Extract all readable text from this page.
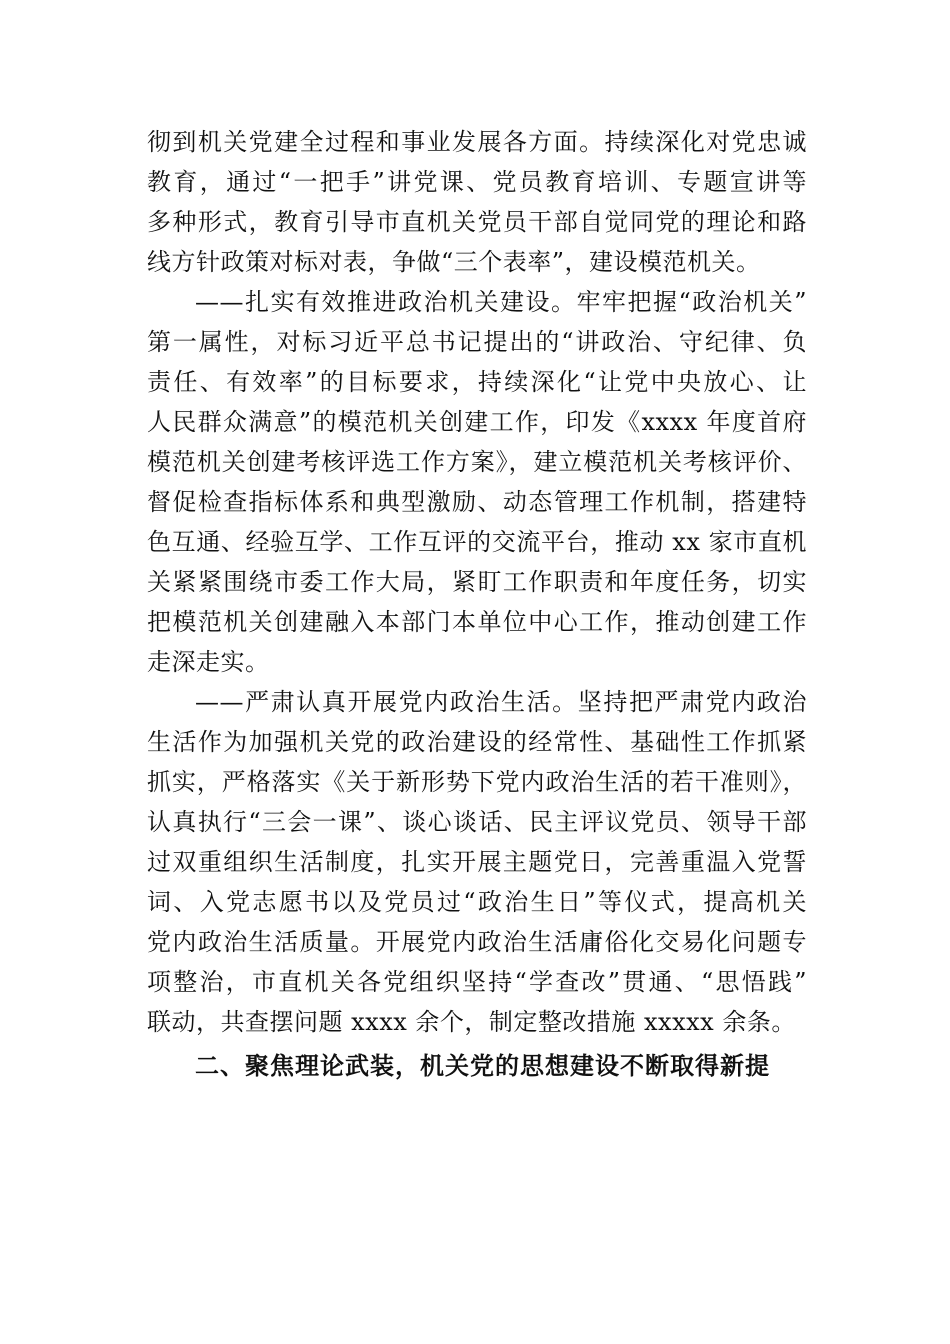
彻到机关党建全过程和事业发展各方面。持续深化对党忠诚
教育，通过“一把手”讲党课、党员教育培训、专题宣讲等
多种形式，教育引导市直机关党员干部自觉同党的理论和路
线方针政策对标对表，争做“三个表率”，建设模范机关。
——扎实有效推进政治机关建设。牢牢把握“政治机关”
第一属性，对标习近平总书记提出的“讲政治、守纪律、负
责任、有效率”的目标要求，持续深化“让党中央放心、让
人民群众满意”的模范机关创建工作，印发《xxxx 年度首府
模范机关创建考核评选工作方案》，建立模范机关考核评价、
督促检查指标体系和典型激励、动态管理工作机制，搭建特
色互通、经验互学、工作互评的交流平台，推动 xx 家市直机
关紧紧围绕市委工作大局，紧盯工作职责和年度任务，切实
把模范机关创建融入本部门本单位中心工作，推动创建工作
走深走实。
——严肃认真开展党内政治生活。坚持把严肃党内政治
生活作为加强机关党的政治建设的经常性、基础性工作抓紧
抓实，严格落实《关于新形势下党内政治生活的若干准则》，
认真执行“三会一课”、谈心谈话、民主评议党员、领导干部
过双重组织生活制度，扎实开展主题党日，完善重温入党誓
词、入党志愿书以及党员过“政治生日”等仪式，提高机关
党内政治生活质量。开展党内政治生活庸俗化交易化问题专
项整治，市直机关各党组织坚持“学查改”贯通、“思悟践”
联动，共查摆问题 xxxx 余个，制定整改措施 xxxxx 余条。
二、聚焦理论武装，机关党的思想建设不断取得新提
